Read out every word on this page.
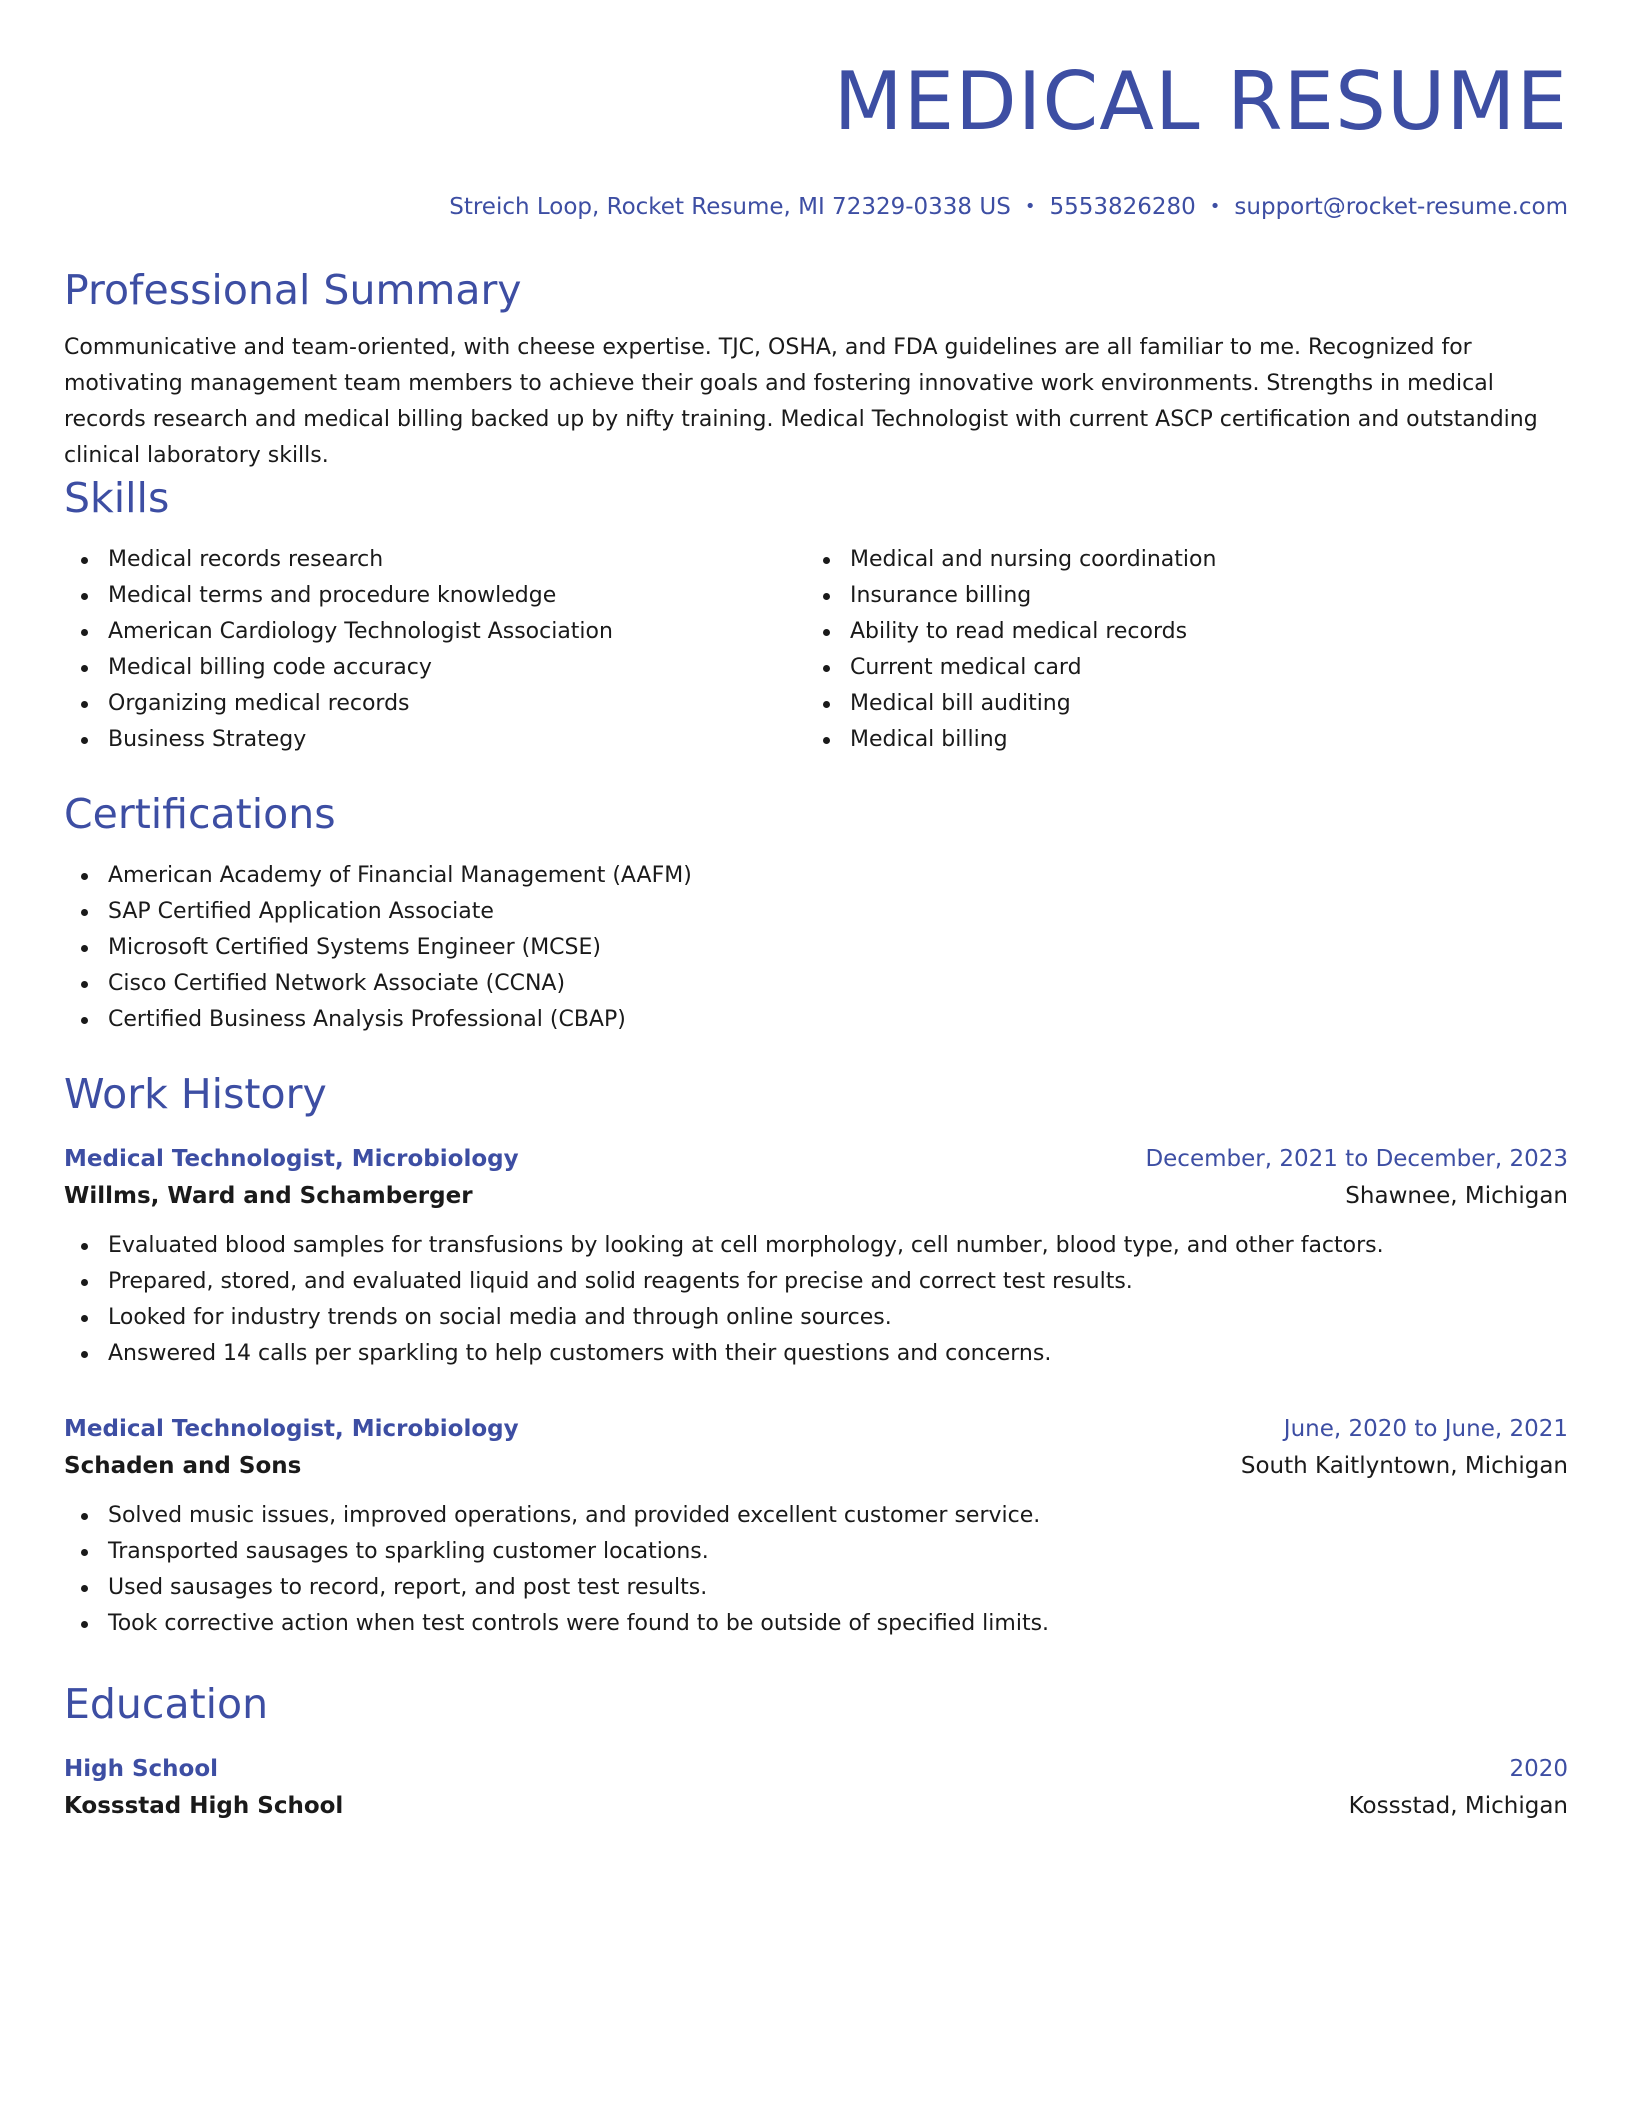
MEDICAL RESUME
Streich Loop, Rocket Resume, MI 72329-0338 US • 5553826280 • support@rocket-resume.com
Professional Summary

Communicative and team-oriented, with cheese expertise. TJC, OSHA, and FDA guidelines are all familiar to me. Recognized for motivating management team members to achieve their goals and fostering innovative work environments. Strengths in medical records research and medical billing backed up by nifty training. Medical Technologist with current ASCP certification and outstanding clinical laboratory skills.

Skills
Medical records research
Medical terms and procedure knowledge
American Cardiology Technologist Association
Medical billing code accuracy
Organizing medical records
Business Strategy
Medical and nursing coordination
Insurance billing
Ability to read medical records
Current medical card
Medical bill auditing
Medical billing
Certifications
American Academy of Financial Management (AAFM)
SAP Certified Application Associate
Microsoft Certified Systems Engineer (MCSE)
Cisco Certified Network Associate (CCNA)
Certified Business Analysis Professional (CBAP)
Work History
Medical Technologist, Microbiology	December, 2021 to December, 2023
Willms, Ward and Schamberger	Shawnee, Michigan
Evaluated blood samples for transfusions by looking at cell morphology, cell number, blood type, and other factors.
Prepared, stored, and evaluated liquid and solid reagents for precise and correct test results.
Looked for industry trends on social media and through online sources.
Answered 14 calls per sparkling to help customers with their questions and concerns.
Medical Technologist, Microbiology	June, 2020 to June, 2021
Schaden and Sons	South Kaitlyntown, Michigan
Solved music issues, improved operations, and provided excellent customer service.
Transported sausages to sparkling customer locations.
Used sausages to record, report, and post test results.
Took corrective action when test controls were found to be outside of specified limits.
Education
High School	2020
Kossstad High School	Kossstad, Michigan
